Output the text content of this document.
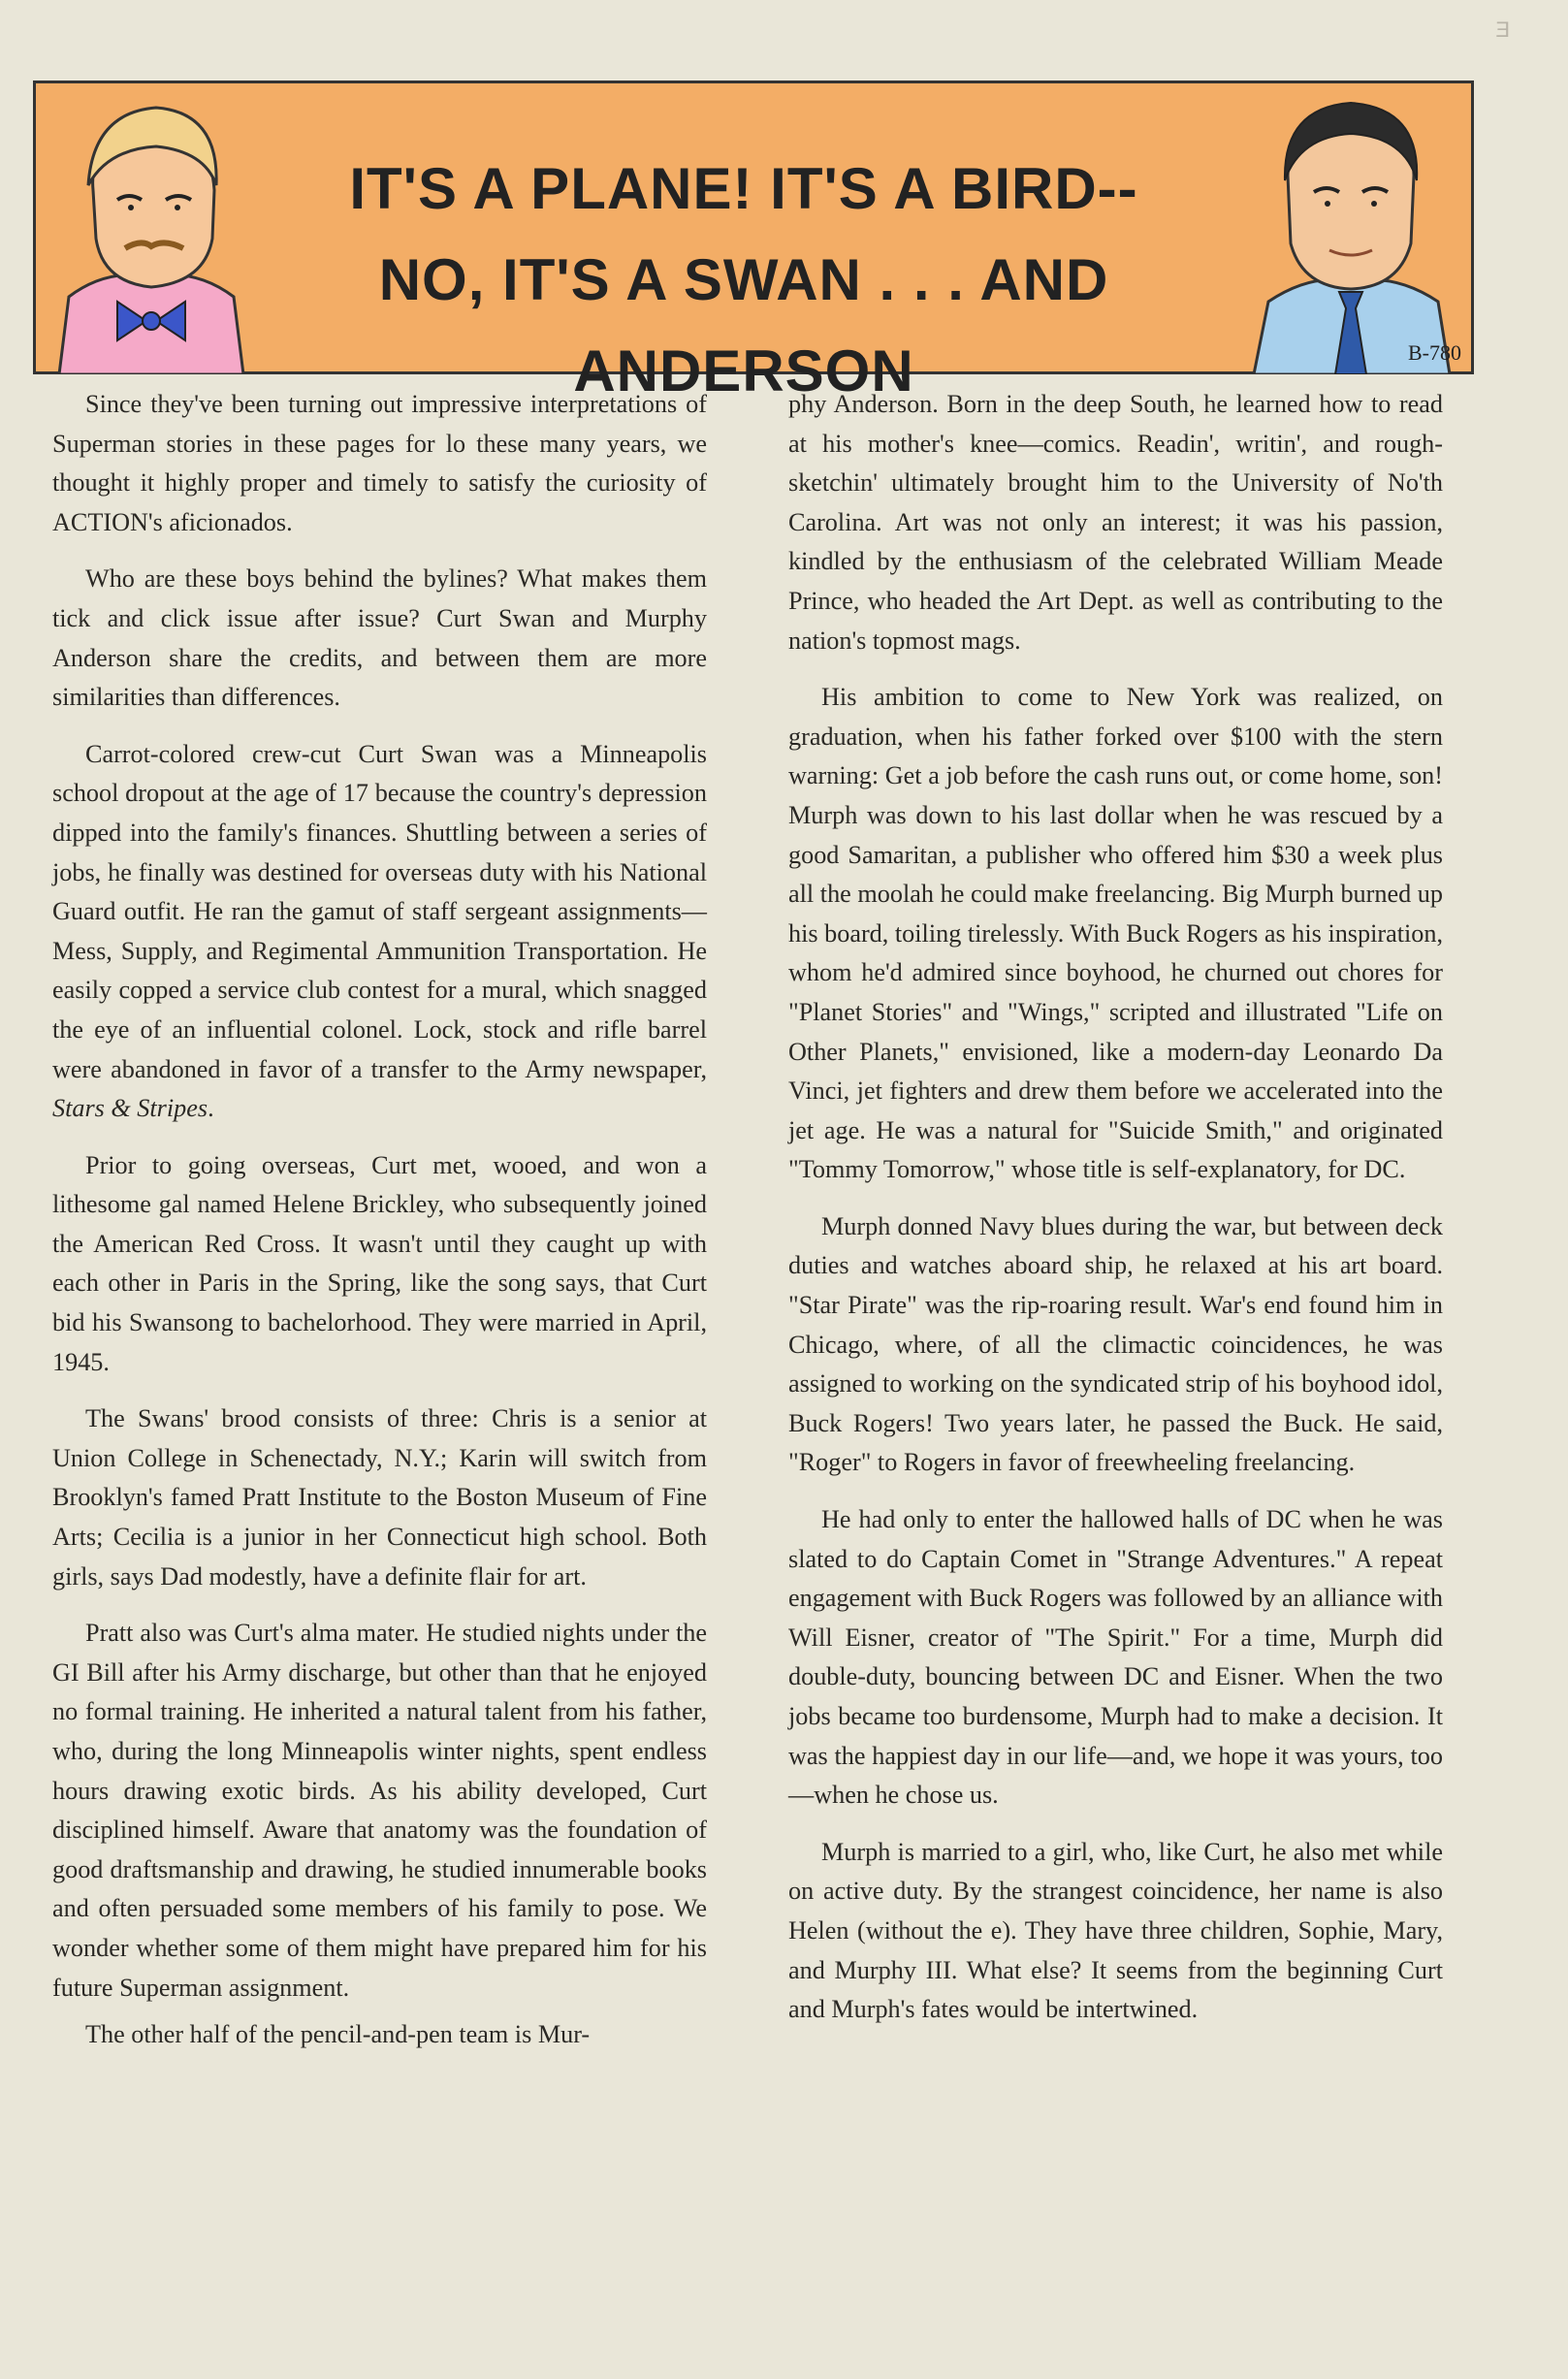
Ǝ
IT'S A PLANE! IT'S A BIRD--
NO, IT'S A SWAN . . . AND ANDERSON	B-780

Since they've been turning out impressive interpretations of Superman stories in these pages for lo these many years, we thought it highly proper and timely to satisfy the curiosity of ACTION's aficionados.

Who are these boys behind the bylines? What makes them tick and click issue after issue? Curt Swan and Murphy Anderson share the credits, and between them are more similarities than differences.

Carrot-colored crew-cut Curt Swan was a Minneapolis school dropout at the age of 17 because the country's depression dipped into the family's finances. Shuttling between a series of jobs, he finally was destined for overseas duty with his National Guard outfit. He ran the gamut of staff sergeant assignments—Mess, Supply, and Regimental Ammunition Transportation. He easily copped a service club contest for a mural, which snagged the eye of an influential colonel. Lock, stock and rifle barrel were abandoned in favor of a transfer to the Army newspaper, Stars & Stripes.

Prior to going overseas, Curt met, wooed, and won a lithesome gal named Helene Brickley, who subsequently joined the American Red Cross. It wasn't until they caught up with each other in Paris in the Spring, like the song says, that Curt bid his Swansong to bachelorhood. They were married in April, 1945.

The Swans' brood consists of three: Chris is a senior at Union College in Schenectady, N.Y.; Karin will switch from Brooklyn's famed Pratt Institute to the Boston Museum of Fine Arts; Cecilia is a junior in her Connecticut high school. Both girls, says Dad modestly, have a definite flair for art.

Pratt also was Curt's alma mater. He studied nights under the GI Bill after his Army discharge, but other than that he enjoyed no formal training. He inherited a natural talent from his father, who, during the long Minneapolis winter nights, spent endless hours drawing exotic birds. As his ability developed, Curt disciplined himself. Aware that anatomy was the foundation of good draftsmanship and drawing, he studied innumerable books and often persuaded some members of his family to pose. We wonder whether some of them might have prepared him for his future Superman assignment.

The other half of the pencil-and-pen team is Mur-

phy Anderson. Born in the deep South, he learned how to read at his mother's knee—comics. Readin', writin', and rough-sketchin' ultimately brought him to the University of No'th Carolina. Art was not only an interest; it was his passion, kindled by the enthusiasm of the celebrated William Meade Prince, who headed the Art Dept. as well as contributing to the nation's topmost mags.

His ambition to come to New York was realized, on graduation, when his father forked over $100 with the stern warning: Get a job before the cash runs out, or come home, son! Murph was down to his last dollar when he was rescued by a good Samaritan, a publisher who offered him $30 a week plus all the moolah he could make freelancing. Big Murph burned up his board, toiling tirelessly. With Buck Rogers as his inspiration, whom he'd admired since boyhood, he churned out chores for "Planet Stories" and "Wings," scripted and illustrated "Life on Other Planets," envisioned, like a modern-day Leonardo Da Vinci, jet fighters and drew them before we accelerated into the jet age. He was a natural for "Suicide Smith," and originated "Tommy Tomorrow," whose title is self-explanatory, for DC.

Murph donned Navy blues during the war, but between deck duties and watches aboard ship, he relaxed at his art board. "Star Pirate" was the rip-roaring result. War's end found him in Chicago, where, of all the climactic coincidences, he was assigned to working on the syndicated strip of his boyhood idol, Buck Rogers! Two years later, he passed the Buck. He said, "Roger" to Rogers in favor of freewheeling freelancing.

He had only to enter the hallowed halls of DC when he was slated to do Captain Comet in "Strange Adventures." A repeat engagement with Buck Rogers was followed by an alliance with Will Eisner, creator of "The Spirit." For a time, Murph did double-duty, bouncing between DC and Eisner. When the two jobs became too burdensome, Murph had to make a decision. It was the happiest day in our life—and, we hope it was yours, too—when he chose us.

Murph is married to a girl, who, like Curt, he also met while on active duty. By the strangest coincidence, her name is also Helen (without the e). They have three children, Sophie, Mary, and Murphy III. What else? It seems from the beginning Curt and Murph's fates would be intertwined.
